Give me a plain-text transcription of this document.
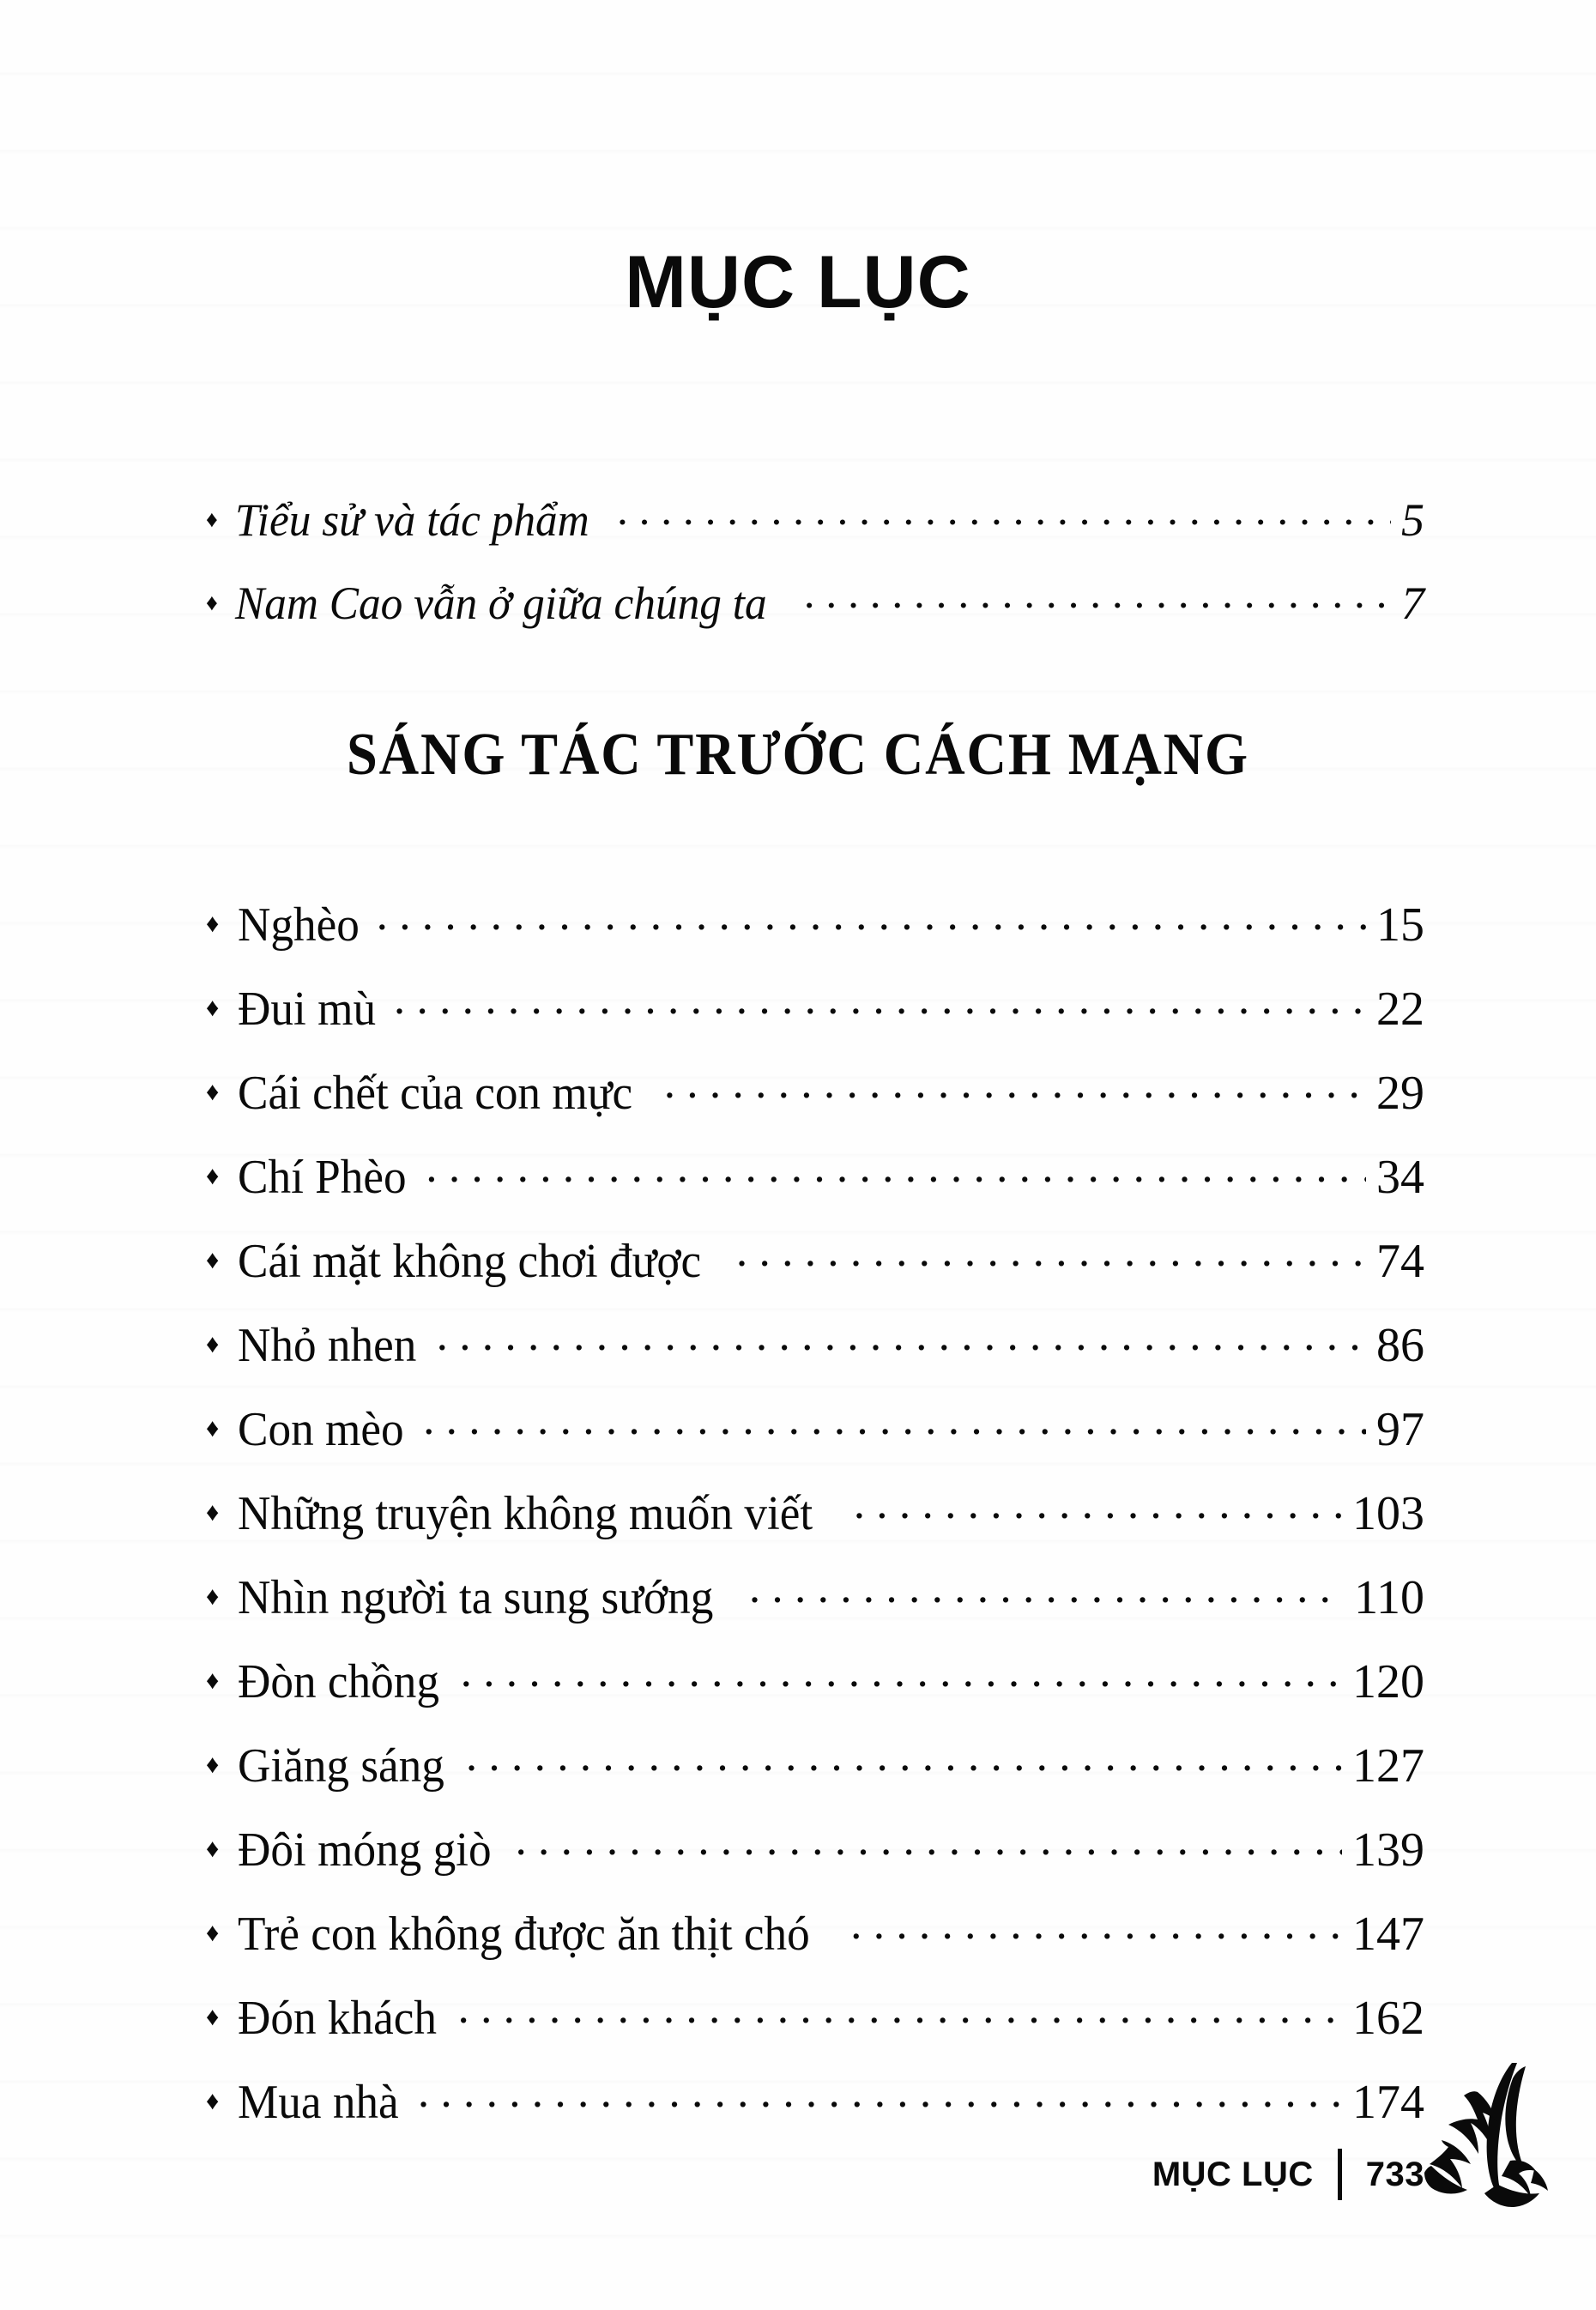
MỤC LỤC
♦ Tiểu sử và tác phẩm . . .	5
♦ Nam Cao vẫn ở giữa chúng ta . . .	7
SÁNG TÁC TRƯỚC CÁCH MẠNG
♦ Nghèo . . .	15
♦ Đui mù . . .	22
♦ Cái chết của con mực . . .	29
♦ Chí Phèo . . .	34
♦ Cái mặt không chơi được . . .	74
♦ Nhỏ nhen . . .	86
♦ Con mèo . . .	97
♦ Những truyện không muốn viết . . .	103
♦ Nhìn người ta sung sướng . . .	110
♦ Đòn chồng . . .	120
♦ Giăng sáng . . .	127
♦ Đôi móng giò . . .	139
♦ Trẻ con không được ăn thịt chó . . .	147
♦ Đón khách . . .	162
♦ Mua nhà . . .	174
MỤC LỤC 733
